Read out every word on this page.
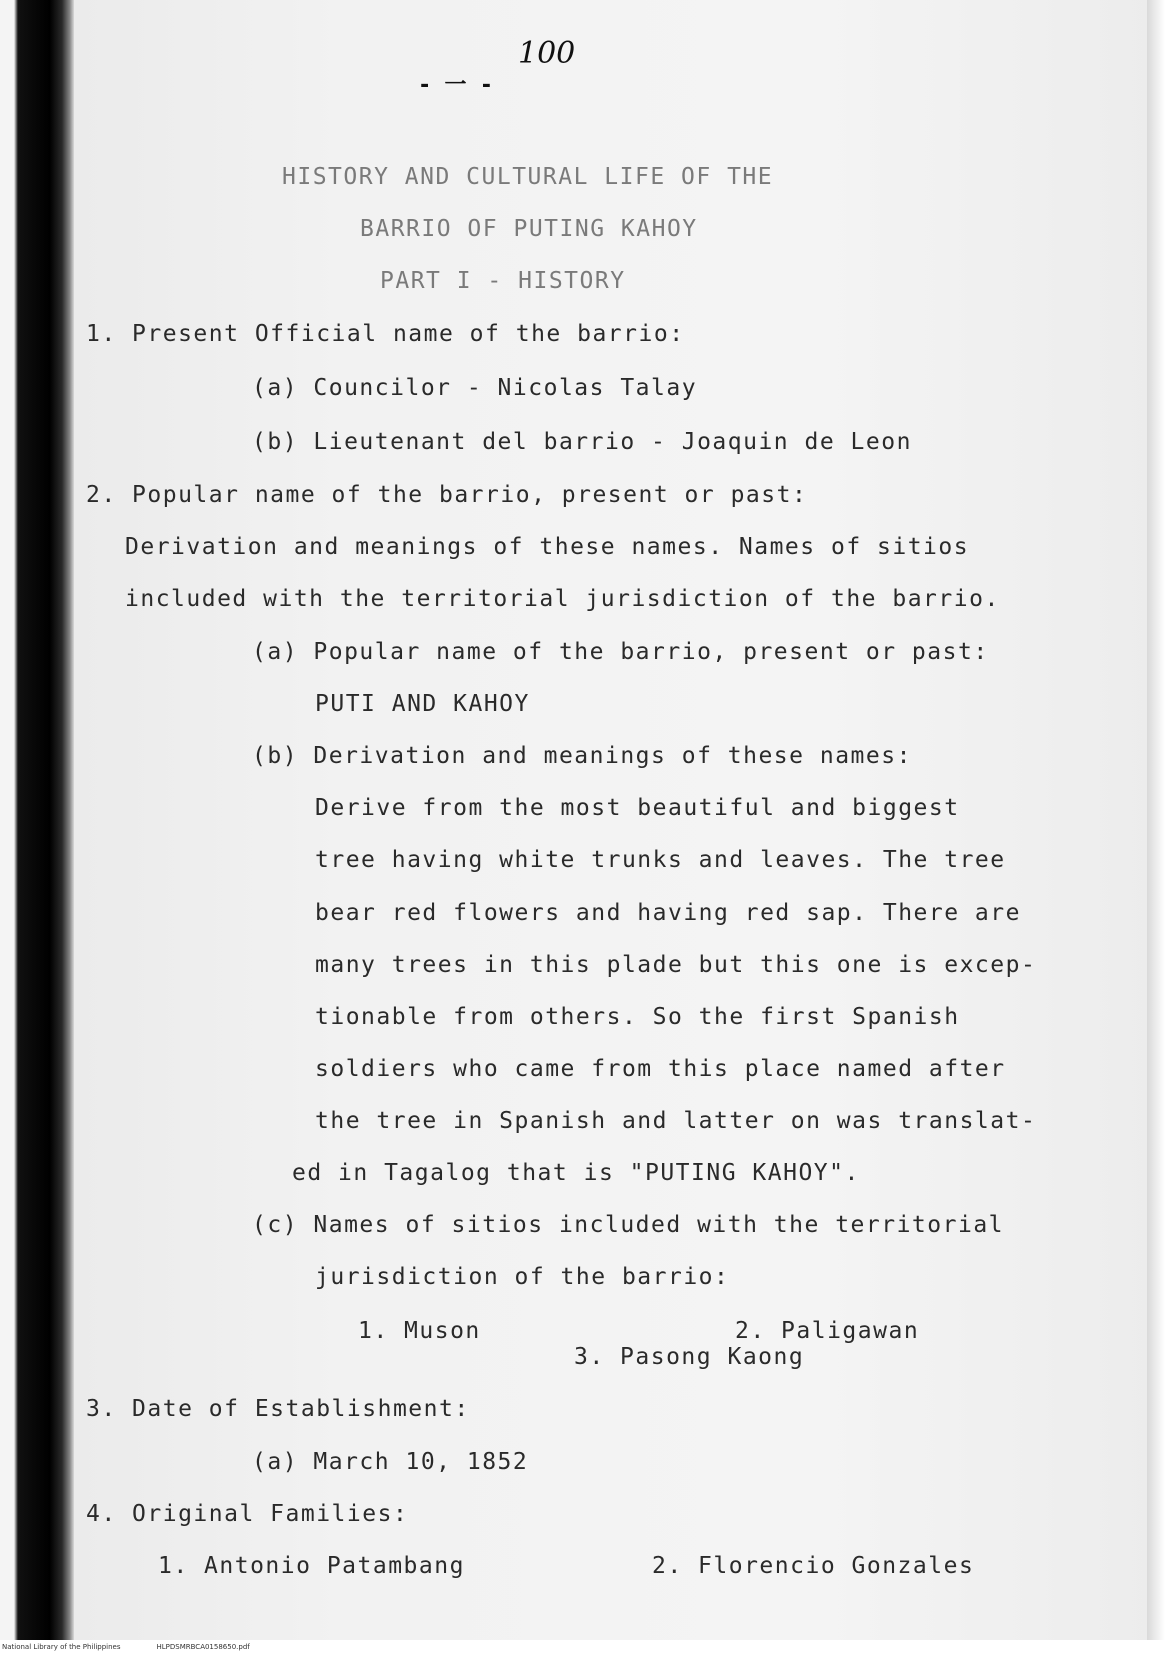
100
- 一 -
HISTORY AND CULTURAL LIFE OF THE
BARRIO OF PUTING KAHOY
PART I - HISTORY
1. Present Official name of the barrio:
(a) Councilor - Nicolas Talay
(b) Lieutenant del barrio - Joaquin de Leon
2. Popular name of the barrio, present or past:
Derivation and meanings of these names. Names of sitios
included with the territorial jurisdiction of the barrio.
(a) Popular name of the barrio, present or past:
PUTI AND KAHOY
(b) Derivation and meanings of these names:
Derive from the most beautiful and biggest
tree having white trunks and leaves. The tree
bear red flowers and having red sap. There are
many trees in this plade but this one is excep-
tionable from others. So the first Spanish
soldiers who came from this place named after
the tree in Spanish and latter on was translat-
ed in Tagalog that is "PUTING KAHOY".
(c) Names of sitios included with the territorial
jurisdiction of the barrio:
1. Muson	2. Paligawan
3. Pasong Kaong
3. Date of Establishment:
(a) March 10, 1852
4. Original Families:
1. Antonio Patambang	2. Florencio Gonzales
National Library of the Philippines	HLPDSMRBCA0158650.pdf
